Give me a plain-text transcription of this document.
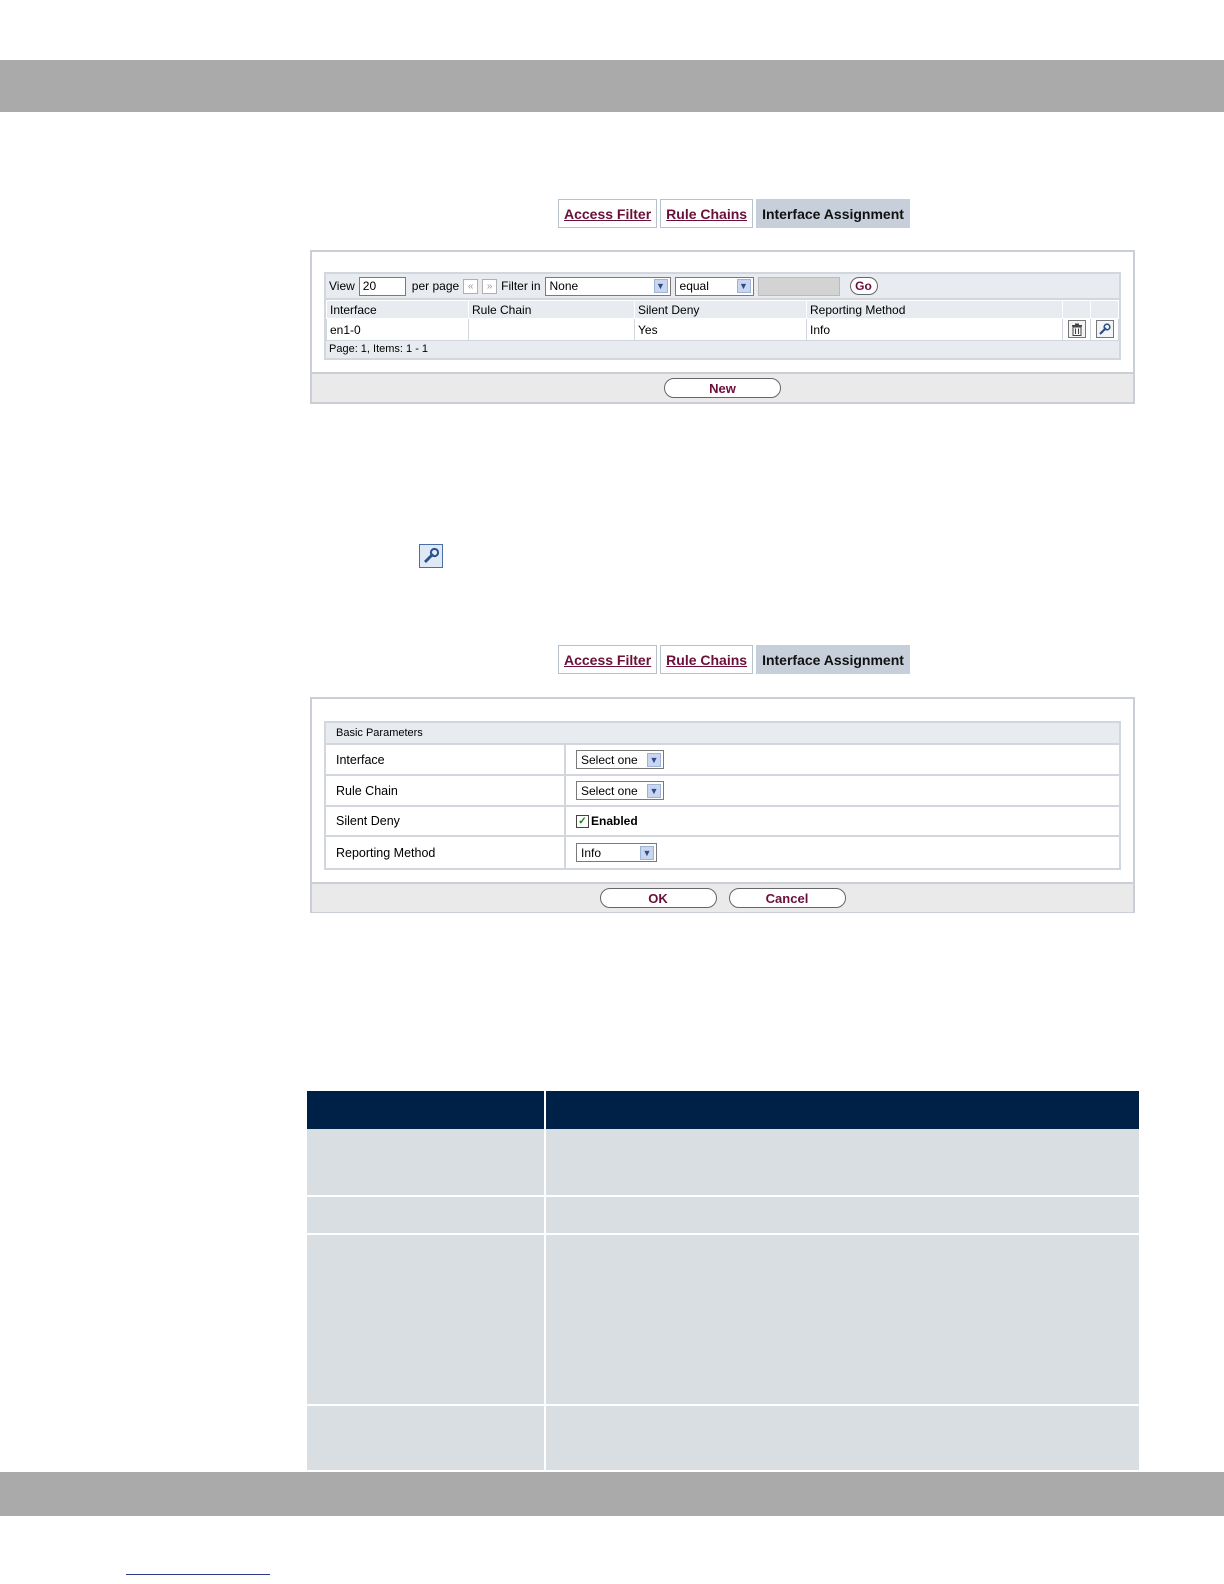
Access Filter	Rule Chains	Interface Assignment
View 20	per page «	» Filter in None	▼ equal	▼	Go
Interface	Rule Chain	Silent Deny	Reporting Method		
en1-0		Yes	Info	

Page: 1, Items: 1 - 1
New
Access Filter	Rule Chains	Interface Assignment
Basic Parameters
Interface	Select one ▼
Rule Chain	Select one ▼
Silent Deny	✓ Enabled
Reporting Method	Info	▼
OK	Cancel
